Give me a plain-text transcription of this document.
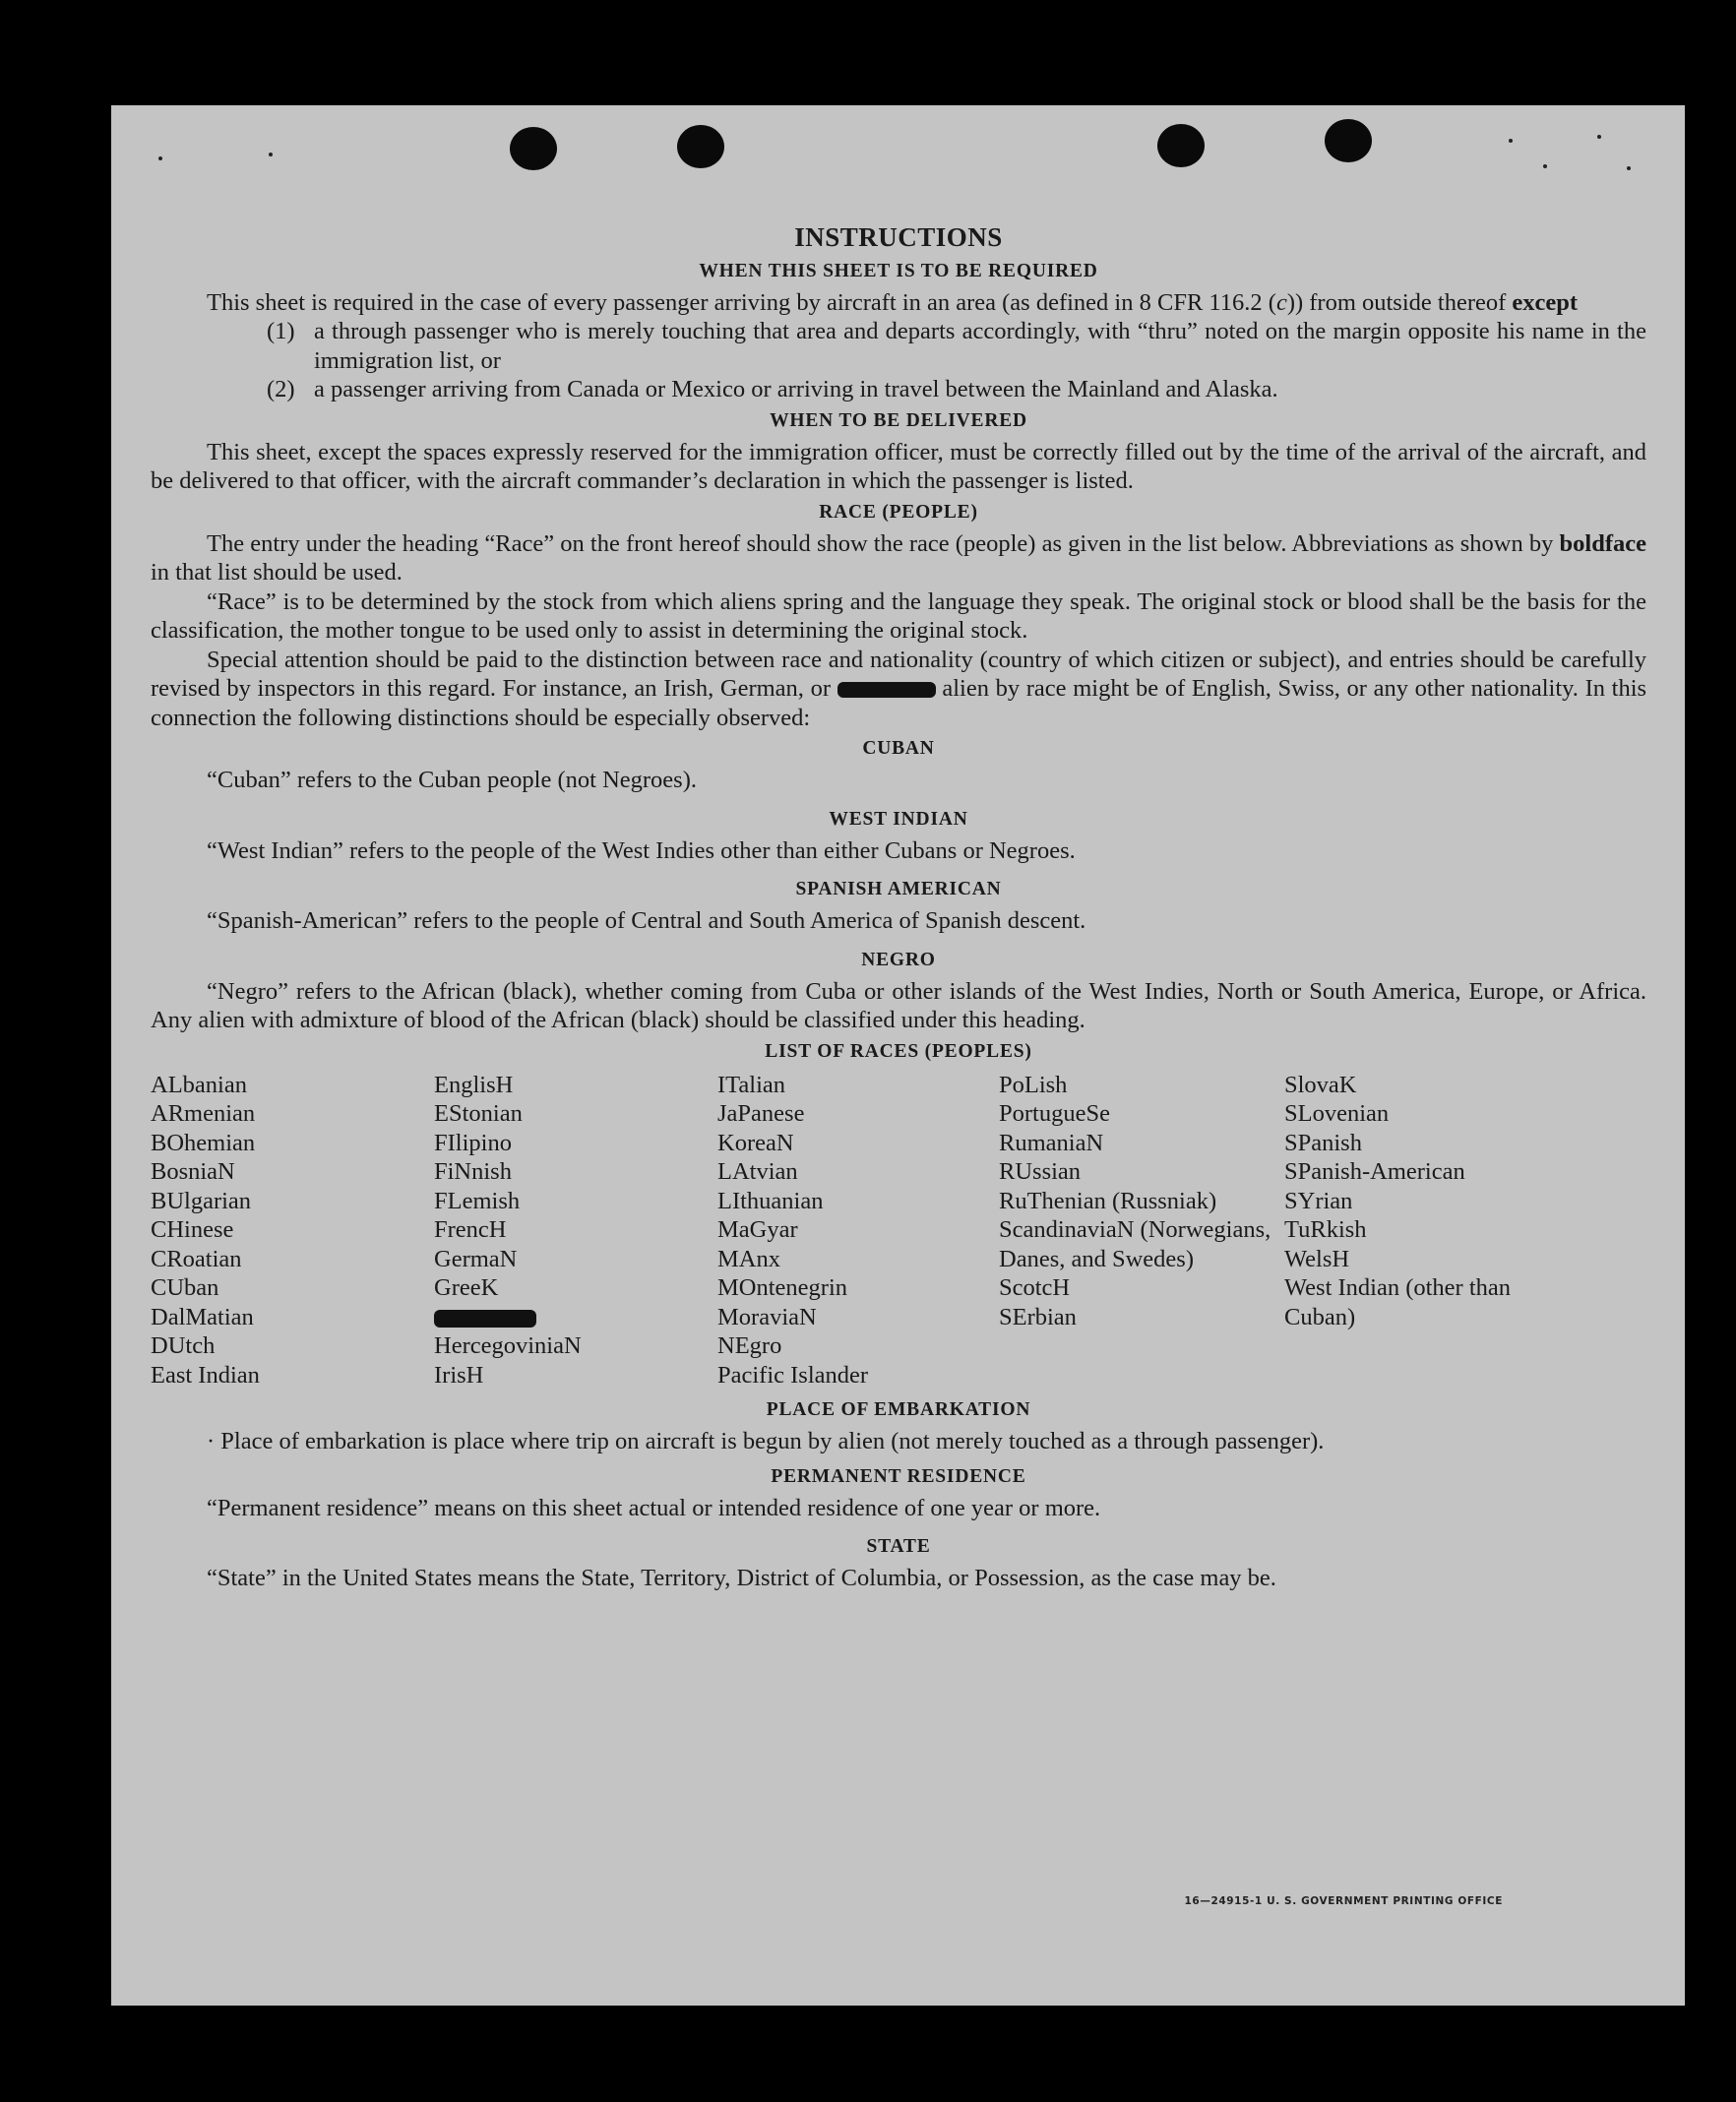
INSTRUCTIONS
WHEN THIS SHEET IS TO BE REQUIRED

This sheet is required in the case of every passenger arriving by aircraft in an area (as defined in 8 CFR 116.2 (c)) from outside thereof except

(1) a through passenger who is merely touching that area and departs accordingly, with “thru” noted on the margin opposite his name in the immigration list, or
(2) a passenger arriving from Canada or Mexico or arriving in travel between the Mainland and Alaska.
WHEN TO BE DELIVERED

This sheet, except the spaces expressly reserved for the immigration officer, must be correctly filled out by the time of the arrival of the aircraft, and be delivered to that officer, with the aircraft commander’s declaration in which the passenger is listed.

RACE (PEOPLE)

The entry under the heading “Race” on the front hereof should show the race (people) as given in the list below. Abbreviations as shown by boldface in that list should be used.

“Race” is to be determined by the stock from which aliens spring and the language they speak. The original stock or blood shall be the basis for the classification, the mother tongue to be used only to assist in determining the original stock.

Special attention should be paid to the distinction between race and nationality (country of which citizen or subject), and entries should be carefully revised by inspectors in this regard. For instance, an Irish, German, or	alien by race might be of English, Swiss, or any other nationality. In this connection the following distinctions should be especially observed:

CUBAN

“Cuban” refers to the Cuban people (not Negroes).

WEST INDIAN

“West Indian” refers to the people of the West Indies other than either Cubans or Negroes.

SPANISH AMERICAN

“Spanish-American” refers to the people of Central and South America of Spanish descent.

NEGRO

“Negro” refers to the African (black), whether coming from Cuba or other islands of the West Indies, North or South America, Europe, or Africa. Any alien with admixture of blood of the African (black) should be classified under this heading.

LIST OF RACES (PEOPLES)
ALbanian
ARmenian
BOhemian
BosniaN
BUlgarian
CHinese
CRoatian
CUban
DalMatian
DUtch
East Indian
EnglisH
EStonian
FIlipino
FiNnish
FLemish
FrencH
GermaN
GreeK
HercegoviniaN
IrisH
ITalian
JaPanese
KoreaN
LAtvian
LIthuanian
MaGyar
MAnx
MOntenegrin
MoraviaN
NEgro
Pacific Islander
PoLish
PortugueSe
RumaniaN
RUssian
RuThenian (Russniak)
ScandinaviaN (Norwegians, Danes, and Swedes)
ScotcH
SErbian
SlovaK
SLovenian
SPanish
SPanish-American
SYrian
TuRkish
WelsH
West Indian (other than Cuban)
PLACE OF EMBARKATION

· Place of embarkation is place where trip on aircraft is begun by alien (not merely touched as a through passenger).

PERMANENT RESIDENCE

“Permanent residence” means on this sheet actual or intended residence of one year or more.

STATE

“State” in the United States means the State, Territory, District of Columbia, or Possession, as the case may be.

16—24915-1 U. S. GOVERNMENT PRINTING OFFICE
